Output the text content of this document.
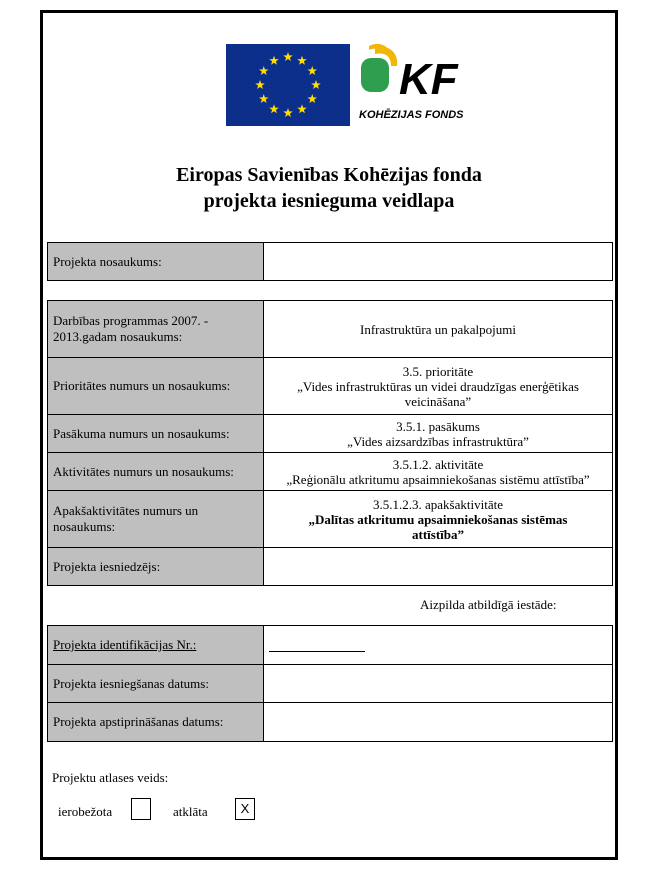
KF
KOHĒZIJAS FONDS
Eiropas Savienības Kohēzijas fonda
projekta iesnieguma veidlapa
Projekta nosaukums:	
Darbības programmas 2007. - 2013.gadam nosaukums:	Infrastruktūra un pakalpojumi
Prioritātes numurs un nosaukums:	3.5. prioritāte
„Vides infrastruktūras un videi draudzīgas enerģētikas
veicināšana”

Pasākuma numurs un nosaukums:	3.5.1. pasākums
„Vides aizsardzības infrastruktūra”

Aktivitātes numurs un nosaukums:	3.5.1.2. aktivitāte
„Reģionālu atkritumu apsaimniekošanas sistēmu attīstība”

Apakšaktivitātes numurs un nosaukums:	3.5.1.2.3. apakšaktivitāte
„Dalītas atkritumu apsaimniekošanas sistēmas
attīstība”

Projekta iesniedzējs:	
Aizpilda atbildīgā iestāde:
Projekta identifikācijas Nr.:	
Projekta iesniegšanas datums:	
Projekta apstiprināšanas datums:	
Projektu atlases veids:
ierobežota	atklāta	X
